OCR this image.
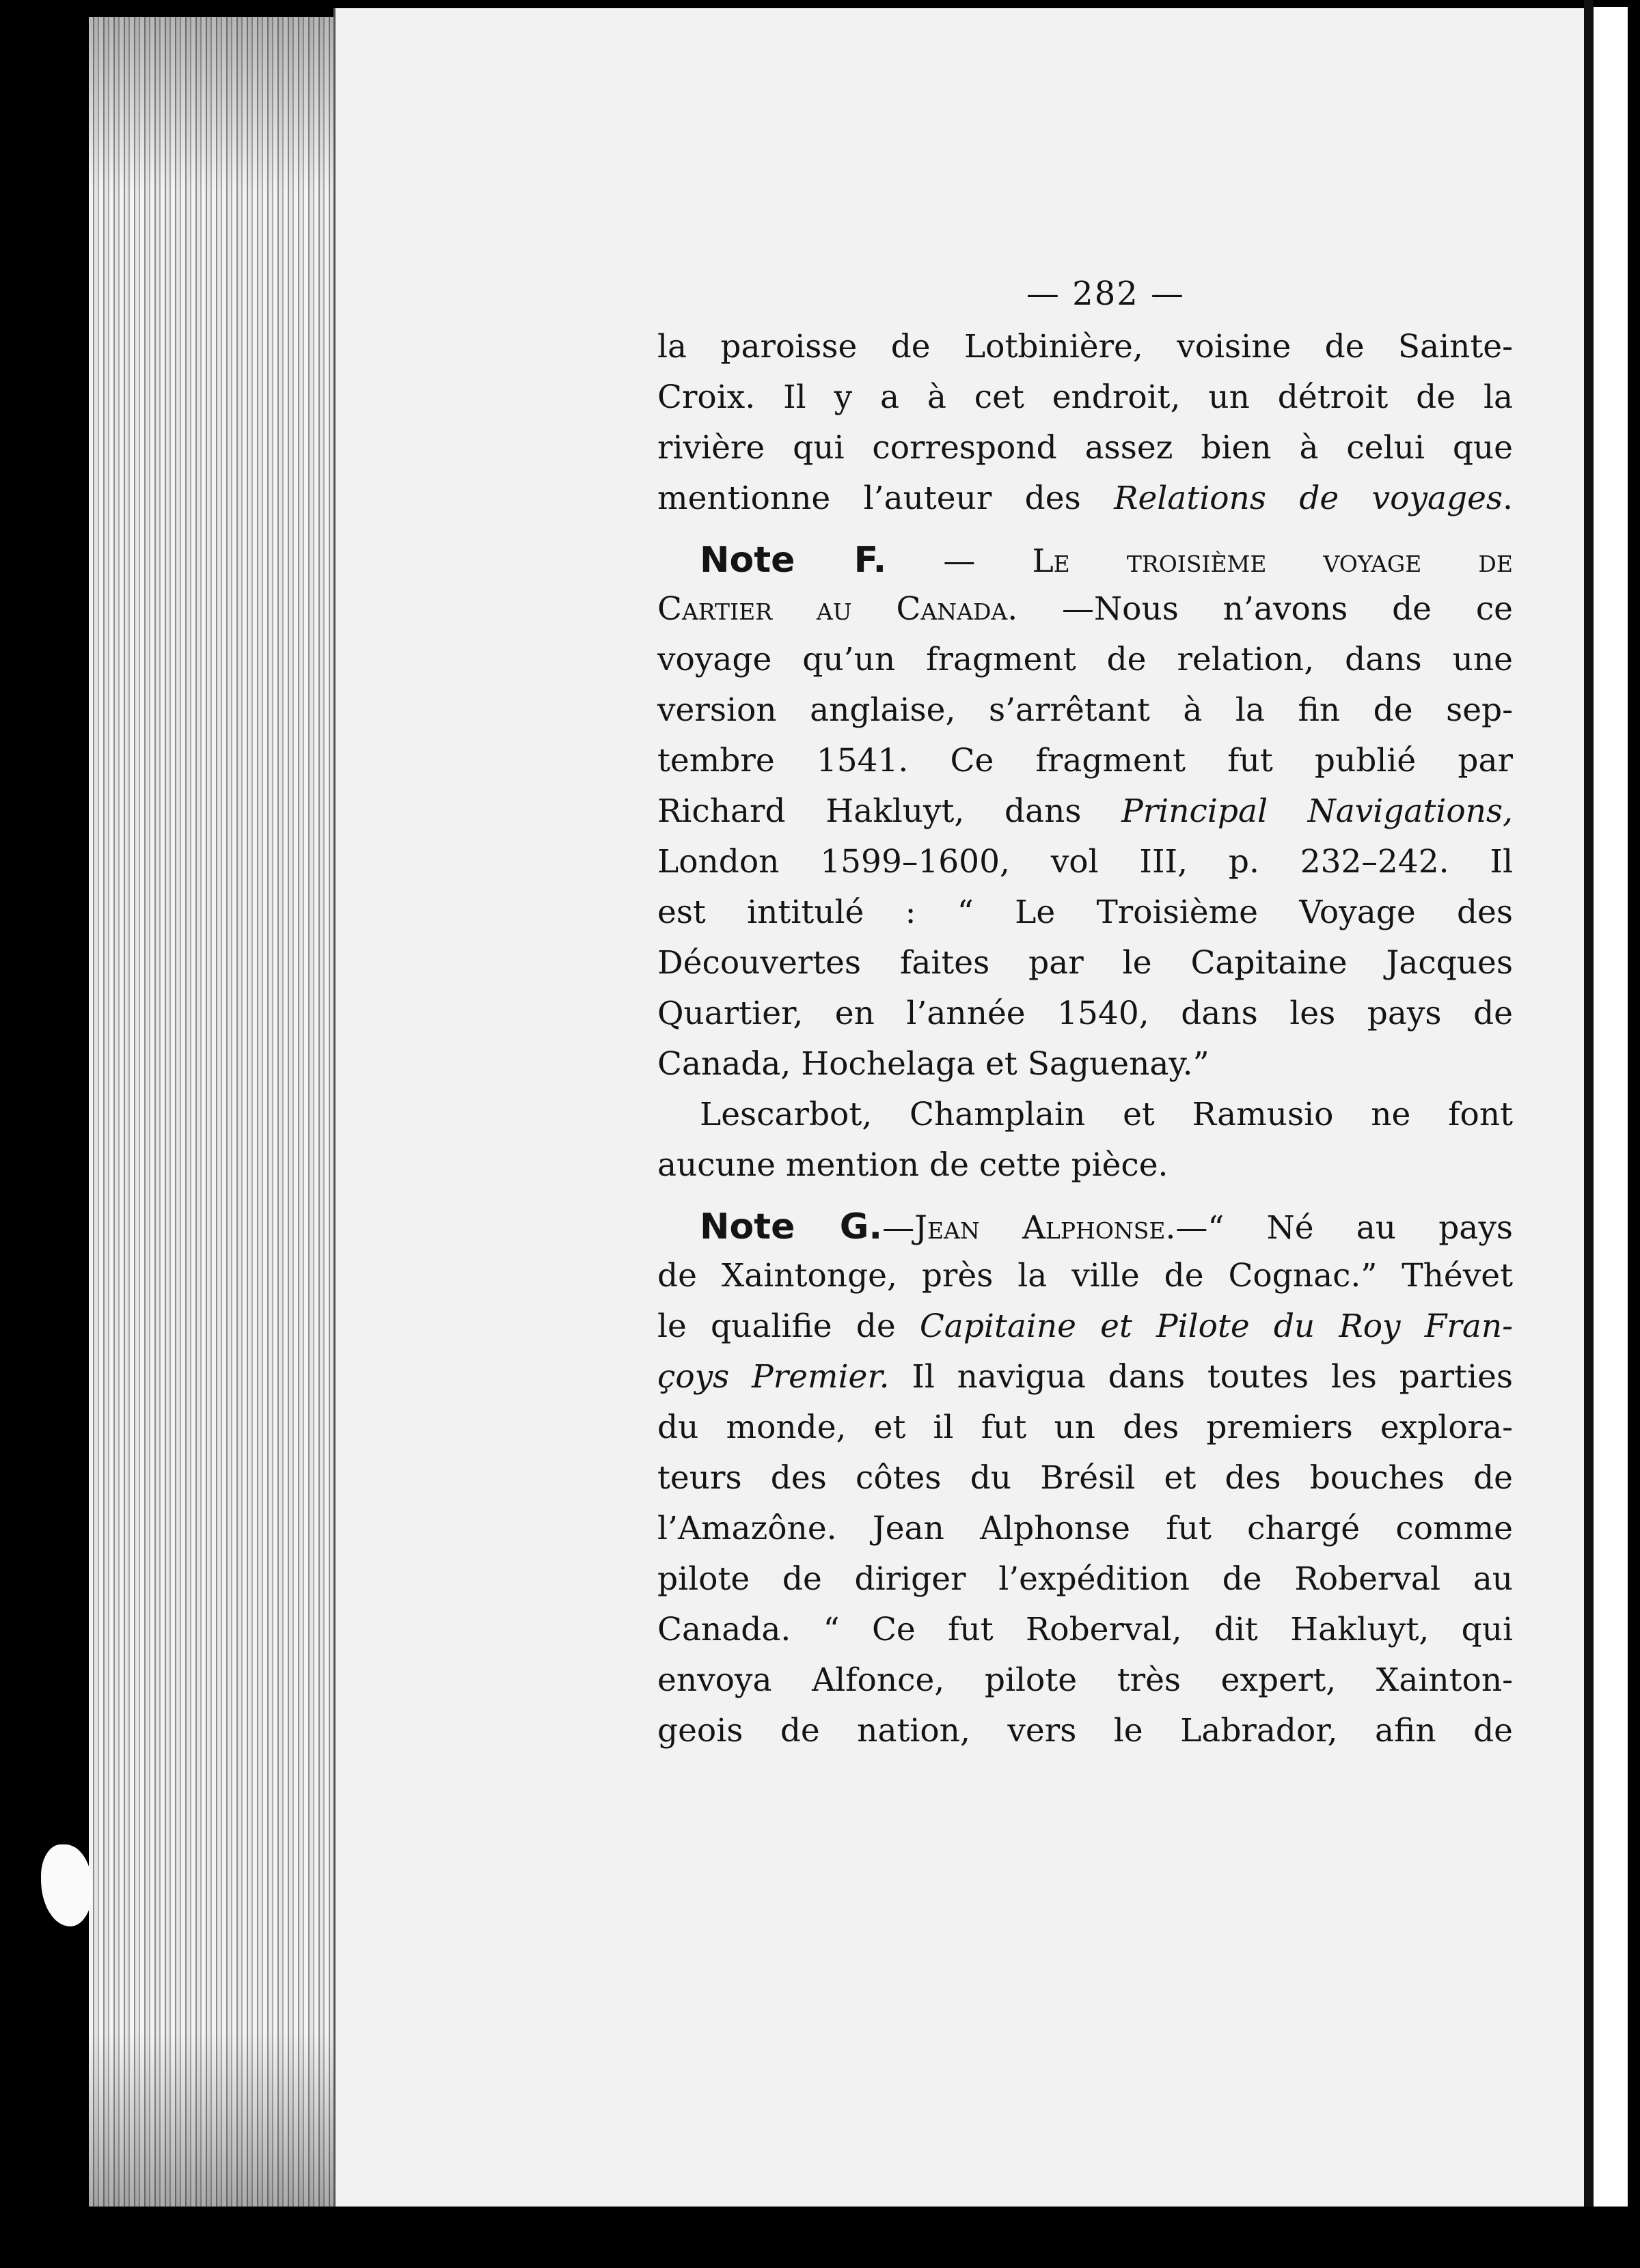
— 282 —
la paroisse de Lotbinière, voisine de Sainte-
Croix. Il y a à cet endroit, un détroit de la
rivière qui correspond assez bien à celui que
mentionne l’auteur des Relations de voyages.
Note F. — Le troisième voyage de
Cartier au Canada. —Nous n’avons de ce
voyage qu’un fragment de relation, dans une
version anglaise, s’arrêtant à la fin de sep-
tembre 1541. Ce fragment fut publié par
Richard Hakluyt, dans Principal Navigations,
London 1599–1600, vol III, p. 232–242. Il
est intitulé : “ Le Troisième Voyage des
Découvertes faites par le Capitaine Jacques
Quartier, en l’année 1540, dans les pays de
Canada, Hochelaga et Saguenay.”
Lescarbot, Champlain et Ramusio ne font
aucune mention de cette pièce.
Note G.—Jean Alphonse.—“ Né au pays
de Xaintonge, près la ville de Cognac.” Thévet
le qualifie de Capitaine et Pilote du Roy Fran-
çoys Premier. Il navigua dans toutes les parties
du monde, et il fut un des premiers explora-
teurs des côtes du Brésil et des bouches de
l’Amazône. Jean Alphonse fut chargé comme
pilote de diriger l’expédition de Roberval au
Canada. “ Ce fut Roberval, dit Hakluyt, qui
envoya Alfonce, pilote très expert, Xainton-
geois de nation, vers le Labrador, afin de
